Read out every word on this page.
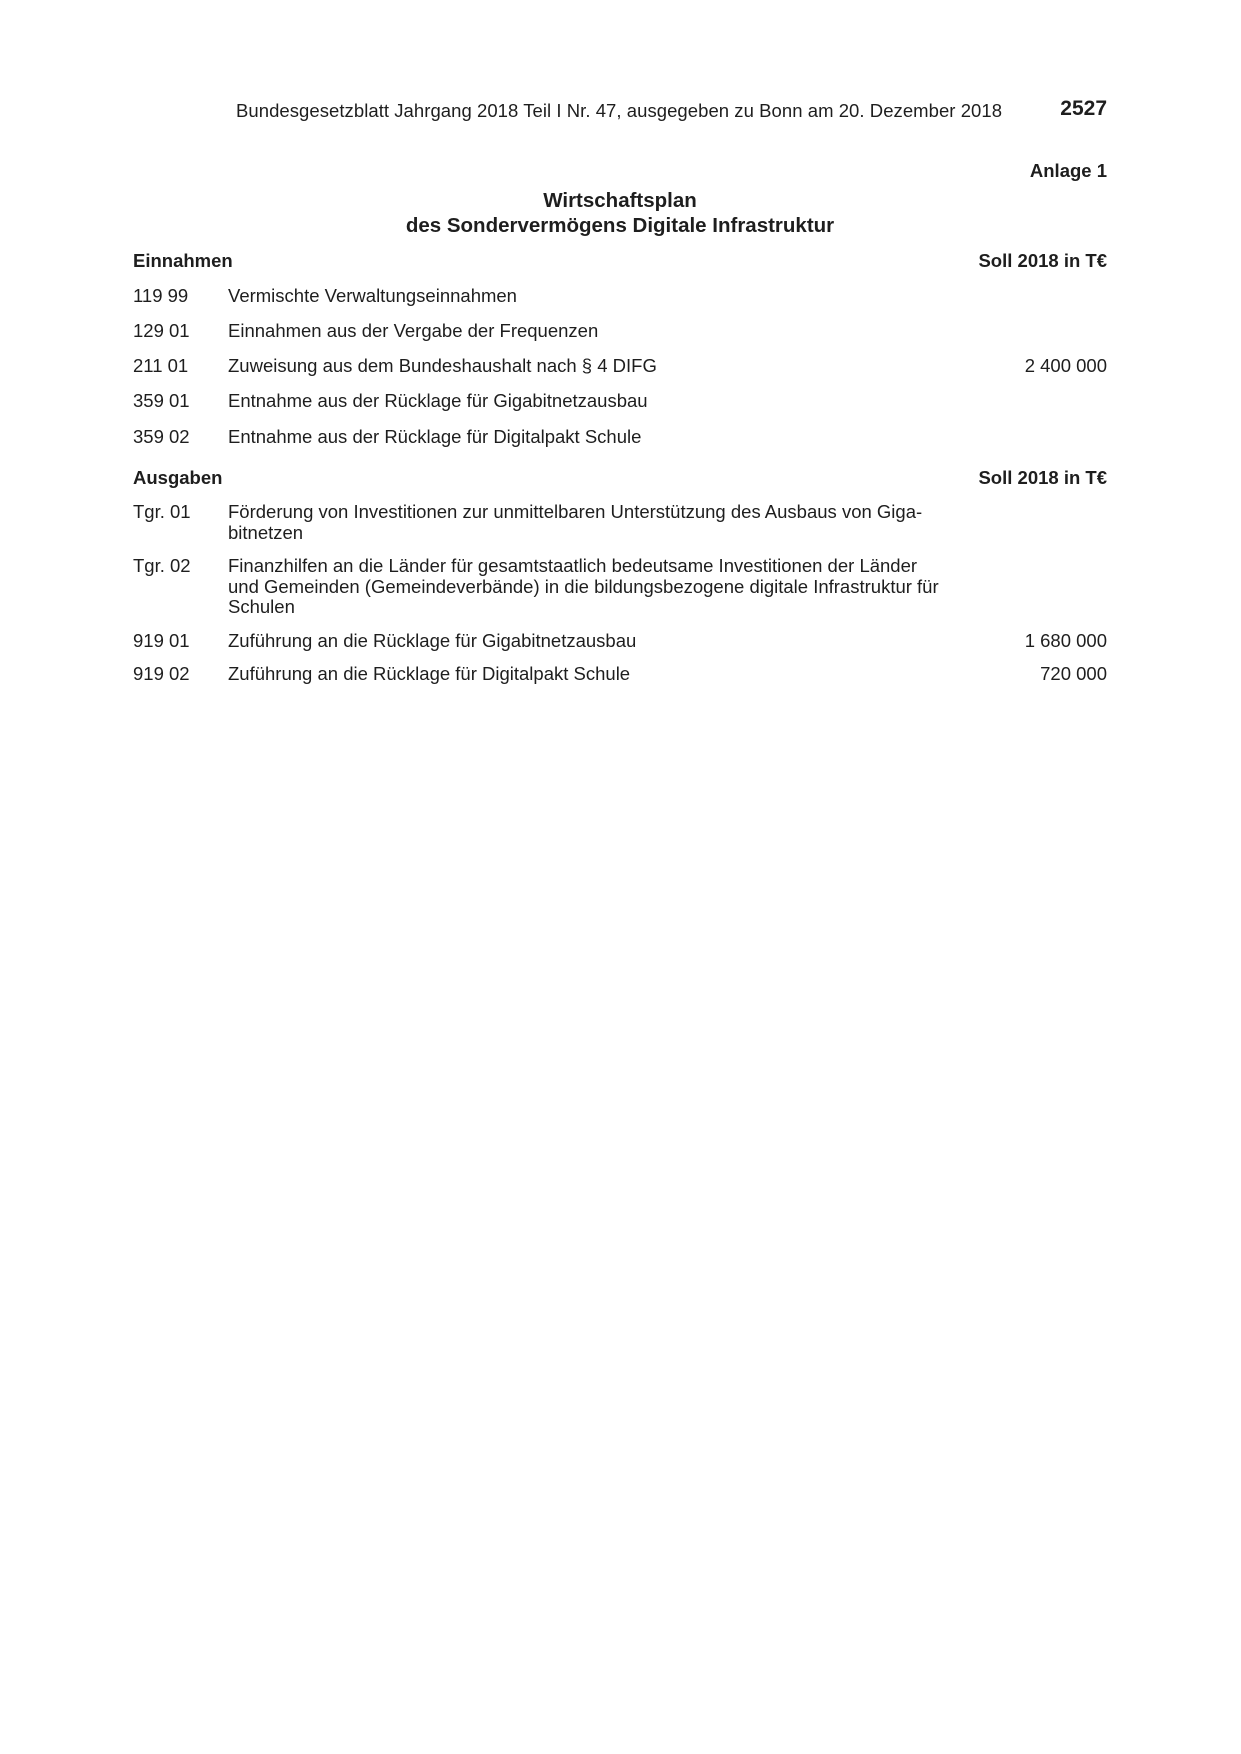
Bundesgesetzblatt Jahrgang 2018 Teil I Nr. 47, ausgegeben zu Bonn am 20. Dezember 2018	2527
Anlage 1
Wirtschaftsplan
des Sondervermögens Digitale Infrastruktur
Einnahmen	Soll 2018 in T€
119 99	Vermischte Verwaltungseinnahmen
129 01	Einnahmen aus der Vergabe der Frequenzen
211 01	Zuweisung aus dem Bundeshaushalt nach § 4 DIFG	2 400 000
359 01	Entnahme aus der Rücklage für Gigabitnetzausbau
359 02	Entnahme aus der Rücklage für Digitalpakt Schule
Ausgaben	Soll 2018 in T€
Tgr. 01	Förderung von Investitionen zur unmittelbaren Unterstützung des Ausbaus von Giga-
bitnetzen
Tgr. 02	Finanzhilfen an die Länder für gesamtstaatlich bedeutsame Investitionen der Länder
und Gemeinden (Gemeindeverbände) in die bildungsbezogene digitale Infrastruktur für
Schulen
919 01	Zuführung an die Rücklage für Gigabitnetzausbau	1 680 000
919 02	Zuführung an die Rücklage für Digitalpakt Schule	720 000
